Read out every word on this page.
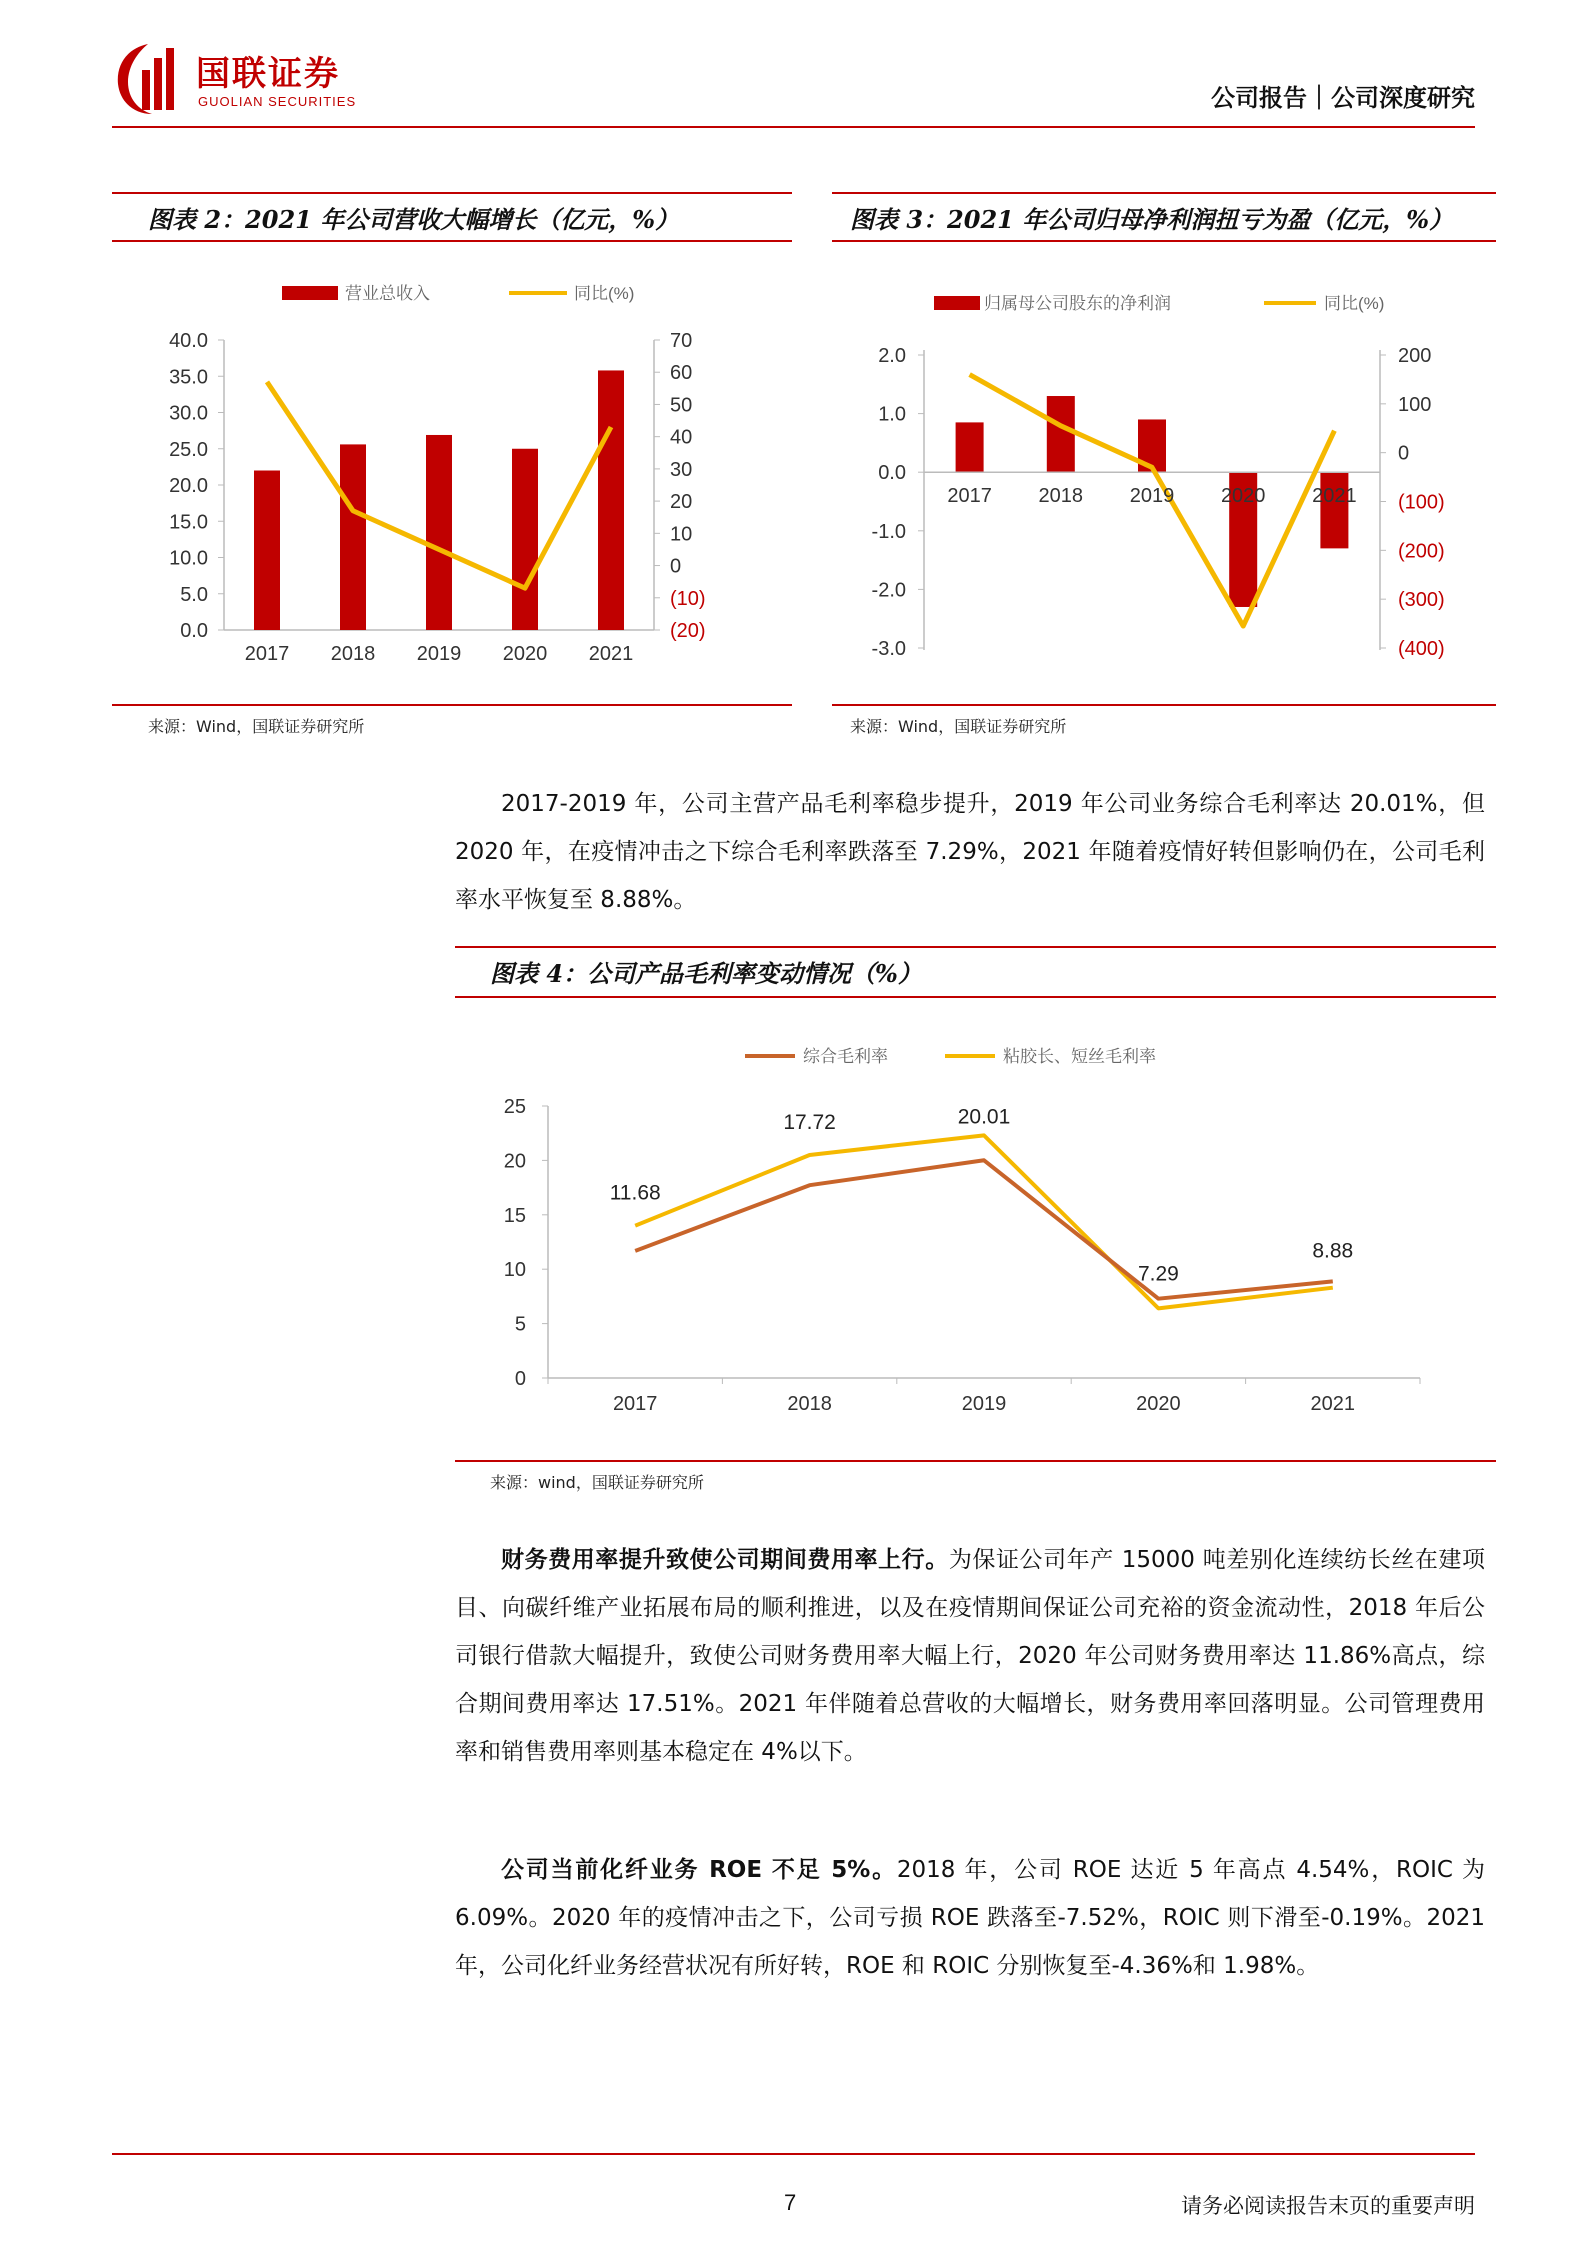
国联证券
GUOLIAN SECURITIES	公司报告｜公司深度研究
图表 2：2021 年公司营收大幅增长（亿元，%）
营业总收入	同比(%)
40.0
35.0
30.0
25.0
20.0
15.0
10.0
5.0
0.0
70
60
50
40
30
20
10
0
(10)
(20)
2017 2018 2019 2020 2021
来源：Wind，国联证券研究所
图表 3：2021 年公司归母净利润扭亏为盈（亿元，%）
归属母公司股东的净利润	同比(%)
2.0
1.0
0.0
-1.0
-2.0
-3.0
200
100
0
(100)
(200)
(300)
(400)
2017 2018 2019 2020 2021
来源：Wind，国联证券研究所
2017-2019 年，公司主营产品毛利率稳步提升，2019 年公司业务综合毛利率达 20.01%，但 2020 年，在疫情冲击之下综合毛利率跌落至 7.29%，2021 年随着疫情好转但影响仍在，公司毛利率水平恢复至 8.88%。
图表 4：公司产品毛利率变动情况（%）
综合毛利率	粘胶长、短丝毛利率
25
20
15
10
5
0
11.68
17.72	20.01
7.29
8.88
2017	2018	2019	2020	2021
来源：wind，国联证券研究所
财务费用率提升致使公司期间费用率上行。为保证公司年产 15000 吨差别化连续纺长丝在建项目、向碳纤维产业拓展布局的顺利推进，以及在疫情期间保证公司充裕的资金流动性，2018 年后公司银行借款大幅提升，致使公司财务费用率大幅上行，2020 年公司财务费用率达 11.86%高点，综合期间费用率达 17.51%。2021 年伴随着总营收的大幅增长，财务费用率回落明显。公司管理费用率和销售费用率则基本稳定在 4%以下。
公司当前化纤业务 ROE 不足 5%。2018 年，公司 ROE 达近 5 年高点 4.54%，ROIC 为 6.09%。2020 年的疫情冲击之下，公司亏损 ROE 跌落至-7.52%，ROIC 则下滑至-0.19%。2021 年，公司化纤业务经营状况有所好转，ROE 和 ROIC 分别恢复至-4.36%和 1.98%。
7	请务必阅读报告末页的重要声明
